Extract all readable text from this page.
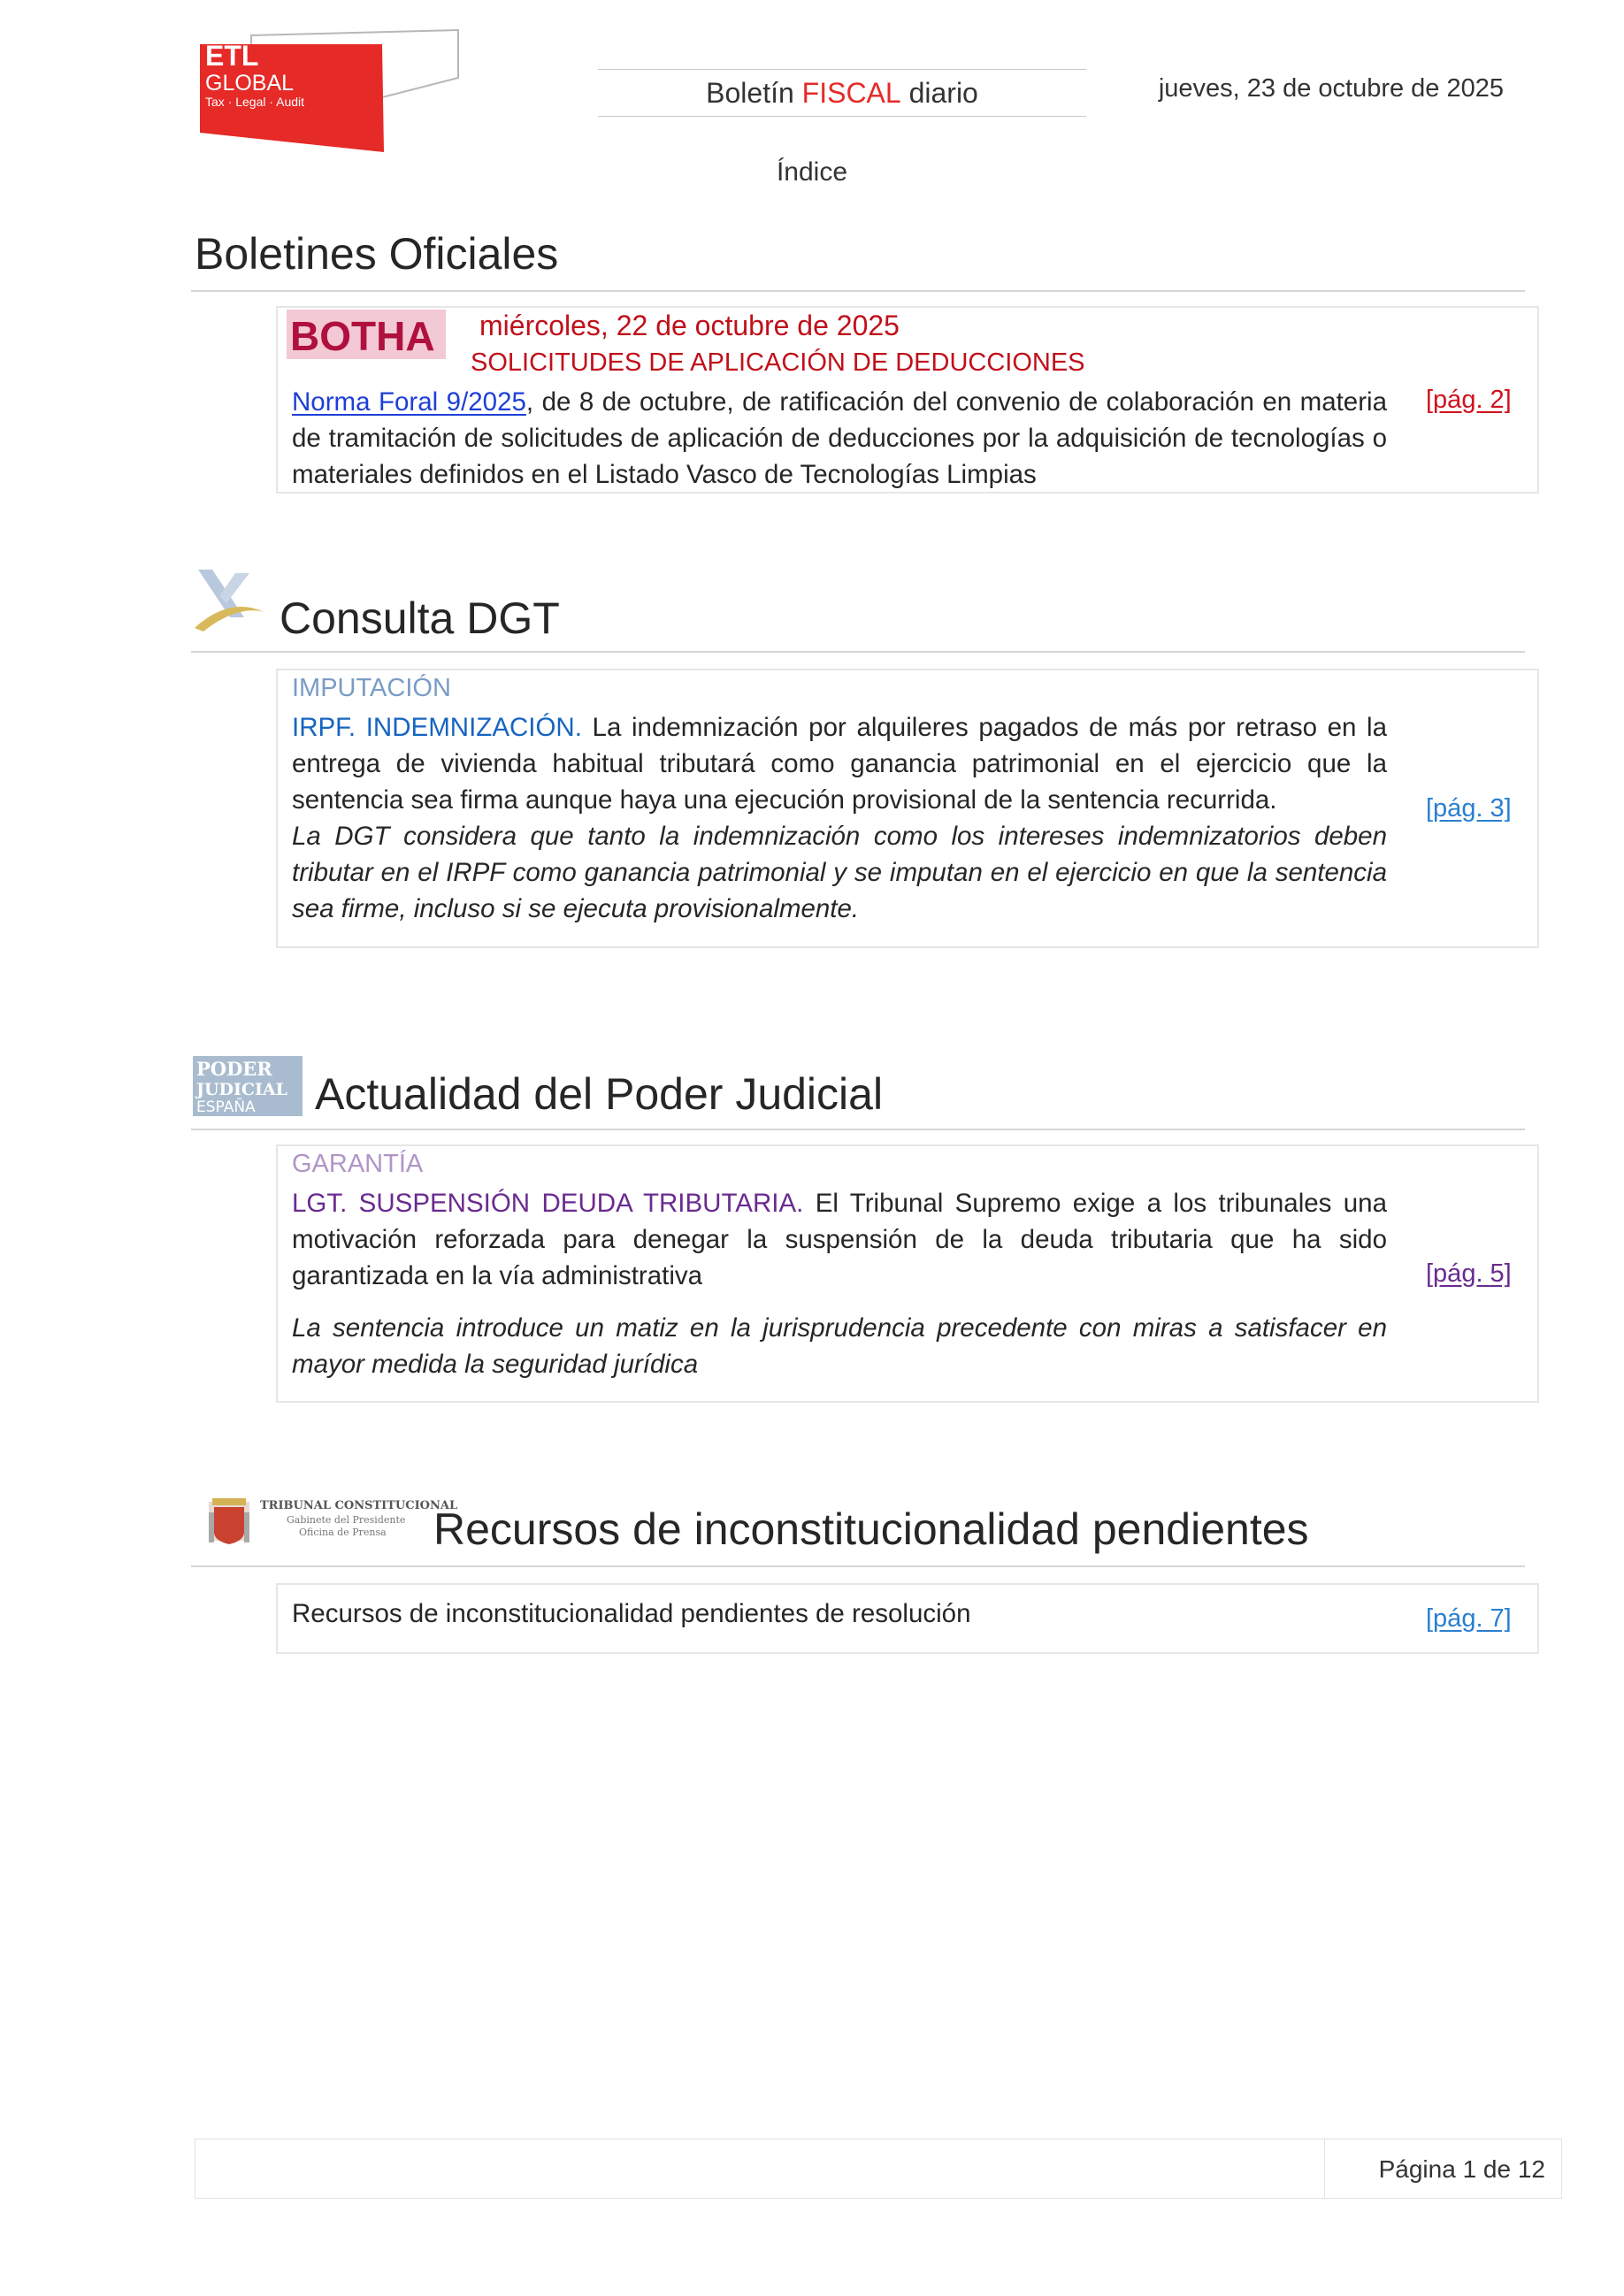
ETL
GLOBAL
Tax · Legal · Audit	Boletín FISCAL diario	jueves, 23 de octubre de 2025
Índice
Boletines Oficiales
BOTHA miércoles, 22 de octubre de 2025
SOLICITUDES DE APLICACIÓN DE DEDUCCIONES
Norma Foral 9/2025, de 8 de octubre, de ratificación del convenio de colaboración en materia de tramitación de solicitudes de aplicación de deducciones por la adquisición de tecnologías o materiales definidos en el Listado Vasco de Tecnologías Limpias
[pág. 2]
Consulta DGT
IMPUTACIÓN
IRPF. INDEMNIZACIÓN. La indemnización por alquileres pagados de más por retraso en la entrega de vivienda habitual tributará como ganancia patrimonial en el ejercicio que la sentencia sea firma aunque haya una ejecución provisional de la sentencia recurrida.
La DGT considera que tanto la indemnización como los intereses indemnizatorios deben tributar en el IRPF como ganancia patrimonial y se imputan en el ejercicio en que la sentencia sea firme, incluso si se ejecuta provisionalmente.
[pág. 3]
PODER
JUDICIAL
ESPAÑA Actualidad del Poder Judicial
GARANTÍA
LGT. SUSPENSIÓN DEUDA TRIBUTARIA. El Tribunal Supremo exige a los tribunales una motivación reforzada para denegar la suspensión de la deuda tributaria que ha sido garantizada en la vía administrativa
La sentencia introduce un matiz en la jurisprudencia precedente con miras a satisfacer en mayor medida la seguridad jurídica
[pág. 5]
TRIBUNAL CONSTITUCIONAL
Gabinete del Presidente
Oficina de Prensa Recursos de inconstitucionalidad pendientes
Recursos de inconstitucionalidad pendientes de resolución	[pág. 7]
Página 1 de 12
